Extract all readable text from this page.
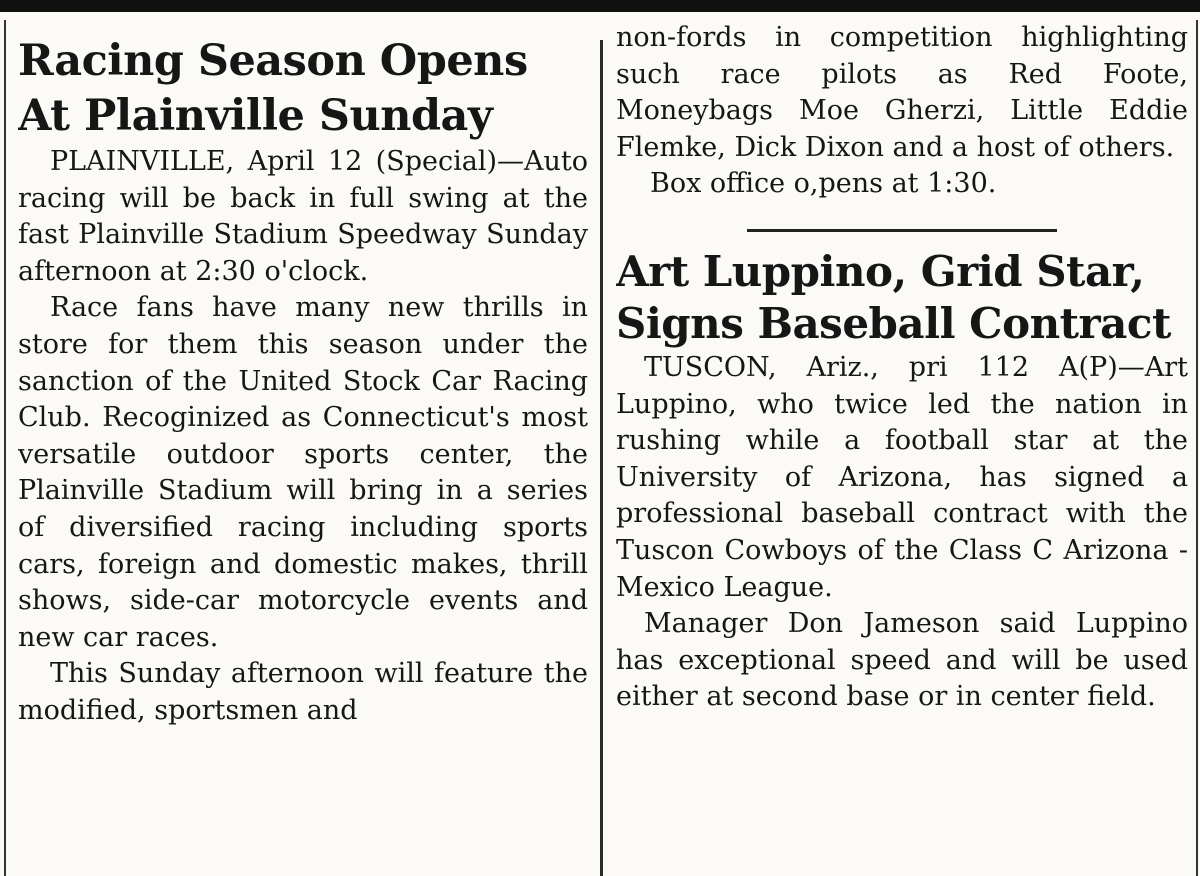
Racing Season Opens
At Plainville Sunday

PLAINVILLE, April 12 (Special)—Auto racing will be back in full swing at the fast Plainville Stadium Speedway Sunday afternoon at 2:30 o'clock.

Race fans have many new thrills in store for them this season under the sanction of the United Stock Car Racing Club. Recoginized as Connecticut's most versatile outdoor sports center, the Plainville Stadium will bring in a series of diversified racing including sports cars, foreign and domestic makes, thrill shows, side-car motorcycle events and new car races.

This Sunday afternoon will feature the modified, sportsmen and

non-fords in competition highlighting such race pilots as Red Foote, Moneybags Moe Gherzi, Little Eddie Flemke, Dick Dixon and a host of others.

Box office o,pens at 1:30.

Art Luppino, Grid Star,
Signs Baseball Contract

TUSCON, Ariz., pri 112 A(P)—Art Luppino, who twice led the nation in rushing while a football star at the University of Arizona, has signed a professional baseball contract with the Tuscon Cowboys of the Class C Arizona - Mexico League.

Manager Don Jameson said Luppino has exceptional speed and will be used either at second base or in center field.
